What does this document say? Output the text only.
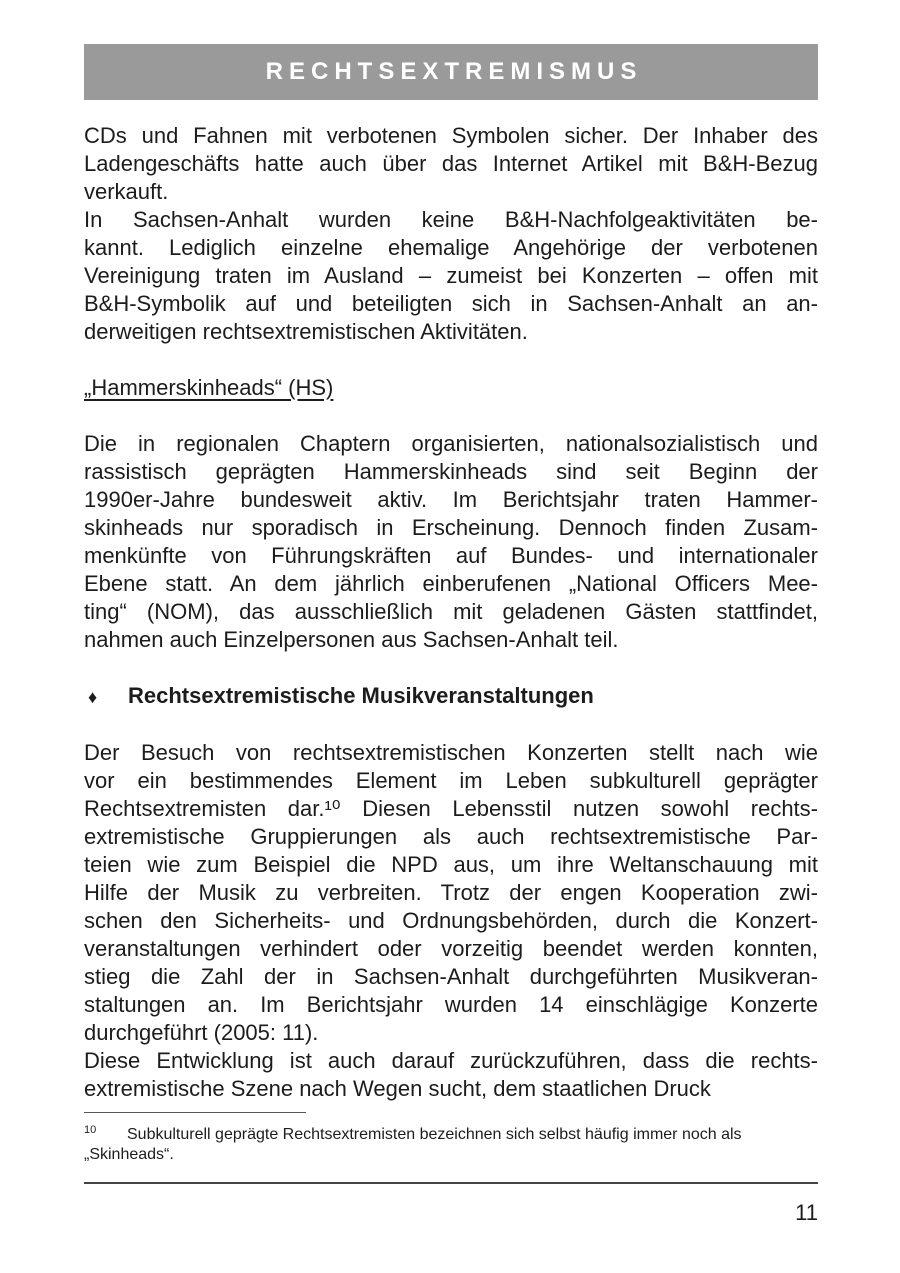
RECHTSEXTREMISMUS
CDs und Fahnen mit verbotenen Symbolen sicher. Der Inhaber des
Ladengeschäfts hatte auch über das Internet Artikel mit B&H-Bezug
verkauft.
In Sachsen-Anhalt wurden keine B&H-Nachfolgeaktivitäten be-
kannt. Lediglich einzelne ehemalige Angehörige der verbotenen
Vereinigung traten im Ausland – zumeist bei Konzerten – offen mit
B&H-Symbolik auf und beteiligten sich in Sachsen-Anhalt an an-
derweitigen rechtsextremistischen Aktivitäten.
„Hammerskinheads“ (HS)
Die in regionalen Chaptern organisierten, nationalsozialistisch und
rassistisch geprägten Hammerskinheads sind seit Beginn der
1990er-Jahre bundesweit aktiv. Im Berichtsjahr traten Hammer-
skinheads nur sporadisch in Erscheinung. Dennoch finden Zusam-
menkünfte von Führungskräften auf Bundes- und internationaler
Ebene statt. An dem jährlich einberufenen „National Officers Mee-
ting“ (NOM), das ausschließlich mit geladenen Gästen stattfindet,
nahmen auch Einzelpersonen aus Sachsen-Anhalt teil.
♦	Rechtsextremistische Musikveranstaltungen
Der Besuch von rechtsextremistischen Konzerten stellt nach wie
vor ein bestimmendes Element im Leben subkulturell geprägter
Rechtsextremisten dar.¹⁰ Diesen Lebensstil nutzen sowohl rechts-
extremistische Gruppierungen als auch rechtsextremistische Par-
teien wie zum Beispiel die NPD aus, um ihre Weltanschauung mit
Hilfe der Musik zu verbreiten. Trotz der engen Kooperation zwi-
schen den Sicherheits- und Ordnungsbehörden, durch die Konzert-
veranstaltungen verhindert oder vorzeitig beendet werden konnten,
stieg die Zahl der in Sachsen-Anhalt durchgeführten Musikveran-
staltungen an. Im Berichtsjahr wurden 14 einschlägige Konzerte
durchgeführt (2005: 11).
Diese Entwicklung ist auch darauf zurückzuführen, dass die rechts-
extremistische Szene nach Wegen sucht, dem staatlichen Druck
10 Subkulturell geprägte Rechtsextremisten bezeichnen sich selbst häufig immer noch als „Skinheads“.
11
